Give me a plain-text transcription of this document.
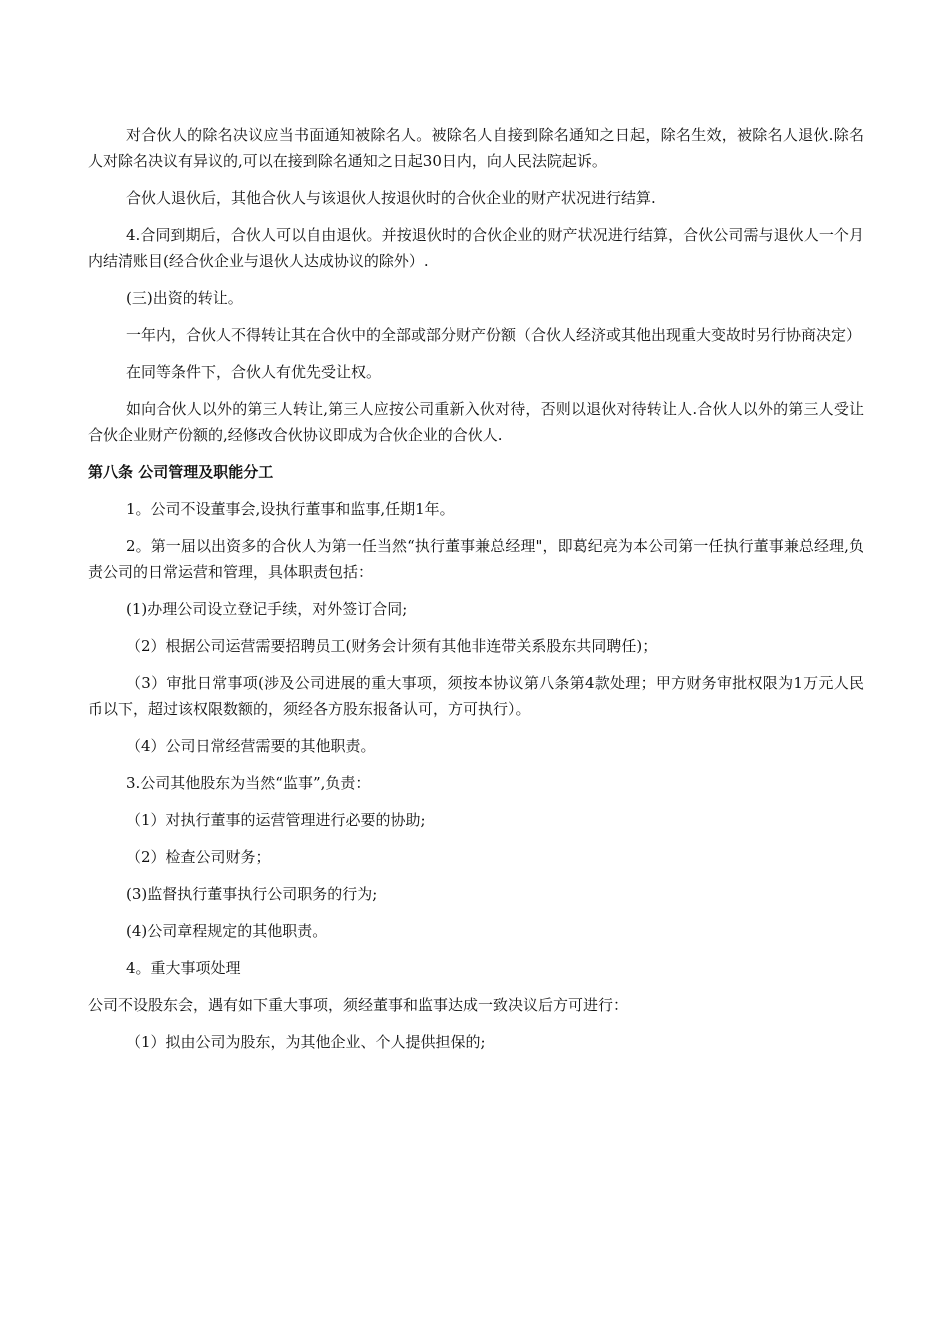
对合伙人的除名决议应当书面通知被除名人。被除名人自接到除名通知之日起，除名生效，被除名人退伙.除名人对除名决议有异议的,可以在接到除名通知之日起30日内，向人民法院起诉。

合伙人退伙后，其他合伙人与该退伙人按退伙时的合伙企业的财产状况进行结算.

4.合同到期后，合伙人可以自由退伙。并按退伙时的合伙企业的财产状况进行结算，合伙公司需与退伙人一个月内结清账目(经合伙企业与退伙人达成协议的除外）.

(三)出资的转让。

一年内，合伙人不得转让其在合伙中的全部或部分财产份额（合伙人经济或其他出现重大变故时另行协商决定）

在同等条件下，合伙人有优先受让权。

如向合伙人以外的第三人转让,第三人应按公司重新入伙对待，否则以退伙对待转让人.合伙人以外的第三人受让合伙企业财产份额的,经修改合伙协议即成为合伙企业的合伙人.

第八条 公司管理及职能分工

1。公司不设董事会,设执行董事和监事,任期1年。

2。第一届以出资多的合伙人为第一任当然“执行董事兼总经理"，即葛纪亮为本公司第一任执行董事兼总经理,负责公司的日常运营和管理，具体职责包括：

(1)办理公司设立登记手续，对外签订合同;

（2）根据公司运营需要招聘员工(财务会计须有其他非连带关系股东共同聘任)；

（3）审批日常事项(涉及公司进展的重大事项，须按本协议第八条第4款处理；甲方财务审批权限为1万元人民币以下，超过该权限数额的，须经各方股东报备认可，方可执行）。

（4）公司日常经营需要的其他职责。

3.公司其他股东为当然“监事”,负责：

（1）对执行董事的运营管理进行必要的协助;

（2）检查公司财务；

(3)监督执行董事执行公司职务的行为;

(4)公司章程规定的其他职责。

4。重大事项处理

公司不设股东会，遇有如下重大事项，须经董事和监事达成一致决议后方可进行：

（1）拟由公司为股东，为其他企业、个人提供担保的;
